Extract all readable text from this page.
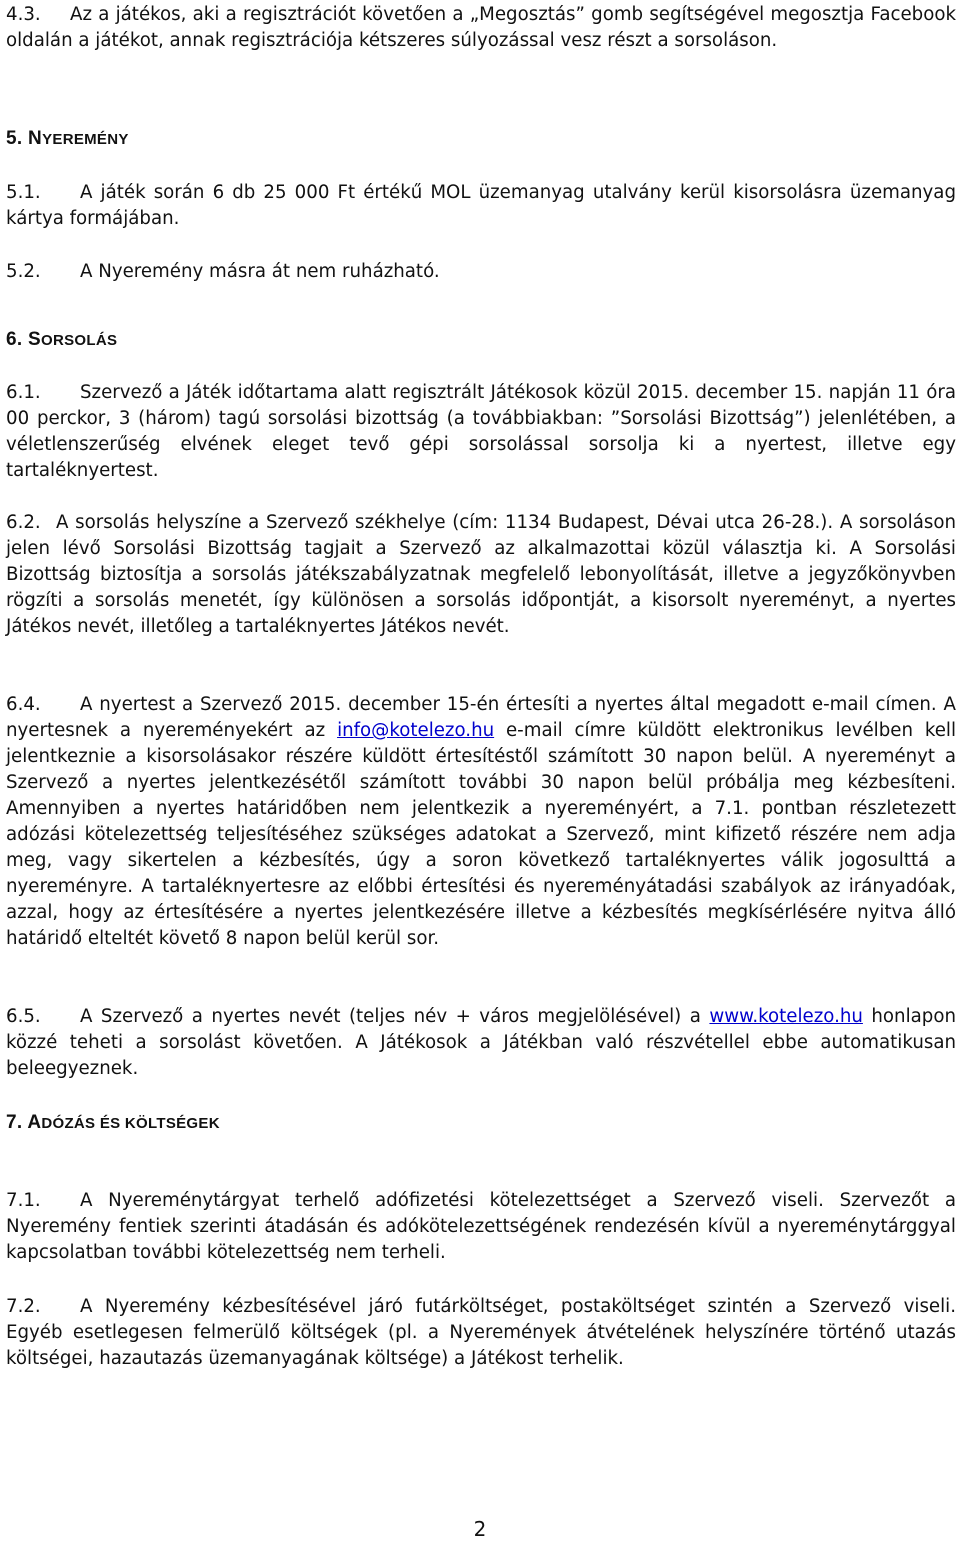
4.3. Az a játékos, aki a regisztrációt követően a „Megosztás” gomb segítségével megosztja Facebook oldalán a játékot, annak regisztrációja kétszeres súlyozással vesz részt a sorsoláson.

5. NYEREMÉNY

5.1. A játék során 6 db 25 000 Ft értékű MOL üzemanyag utalvány kerül kisorsolásra üzemanyag kártya formájában.

5.2. A Nyeremény másra át nem ruházható.

6. SORSOLÁS

6.1. Szervező a Játék időtartama alatt regisztrált Játékosok közül 2015. december 15. napján 11 óra 00 perckor, 3 (három) tagú sorsolási bizottság (a továbbiakban: ”Sorsolási Bizottság”) jelenlétében, a véletlenszerűség elvének eleget tevő gépi sorsolással sorsolja ki a nyertest, illetve egy tartaléknyertest.

6.2. A sorsolás helyszíne a Szervező székhelye (cím: 1134 Budapest, Dévai utca 26-28.). A sorsoláson jelen lévő Sorsolási Bizottság tagjait a Szervező az alkalmazottai közül választja ki. A Sorsolási Bizottság biztosítja a sorsolás játékszabályzatnak megfelelő lebonyolítását, illetve a jegyzőkönyvben rögzíti a sorsolás menetét, így különösen a sorsolás időpontját, a kisorsolt nyereményt, a nyertes Játékos nevét, illetőleg a tartaléknyertes Játékos nevét.

6.4. A nyertest a Szervező 2015. december 15-én értesíti a nyertes által megadott e-mail címen. A nyertesnek a nyereményekért az info@kotelezo.hu e-mail címre küldött elektronikus levélben kell jelentkeznie a kisorsolásakor részére küldött értesítéstől számított 30 napon belül. A nyereményt a Szervező a nyertes jelentkezésétől számított további 30 napon belül próbálja meg kézbesíteni. Amennyiben a nyertes határidőben nem jelentkezik a nyereményért, a 7.1. pontban részletezett adózási kötelezettség teljesítéséhez szükséges adatokat a Szervező, mint kifizető részére nem adja meg, vagy sikertelen a kézbesítés, úgy a soron következő tartaléknyertes válik jogosulttá a nyereményre. A tartaléknyertesre az előbbi értesítési és nyereményátadási szabályok az irányadóak, azzal, hogy az értesítésére a nyertes jelentkezésére illetve a kézbesítés megkísérlésére nyitva álló határidő elteltét követő 8 napon belül kerül sor.

6.5. A Szervező a nyertes nevét (teljes név + város megjelölésével) a www.kotelezo.hu honlapon közzé teheti a sorsolást követően. A Játékosok a Játékban való részvétellel ebbe automatikusan beleegyeznek.

7. ADÓZÁS ÉS KÖLTSÉGEK

7.1. A Nyereménytárgyat terhelő adófizetési kötelezettséget a Szervező viseli. Szervezőt a Nyeremény fentiek szerinti átadásán és adókötelezettségének rendezésén kívül a nyereménytárggyal kapcsolatban további kötelezettség nem terheli.

7.2. A Nyeremény kézbesítésével járó futárköltséget, postaköltséget szintén a Szervező viseli. Egyéb esetlegesen felmerülő költségek (pl. a Nyeremények átvételének helyszínére történő utazás költségei, hazautazás üzemanyagának költsége) a Játékost terhelik.

2
